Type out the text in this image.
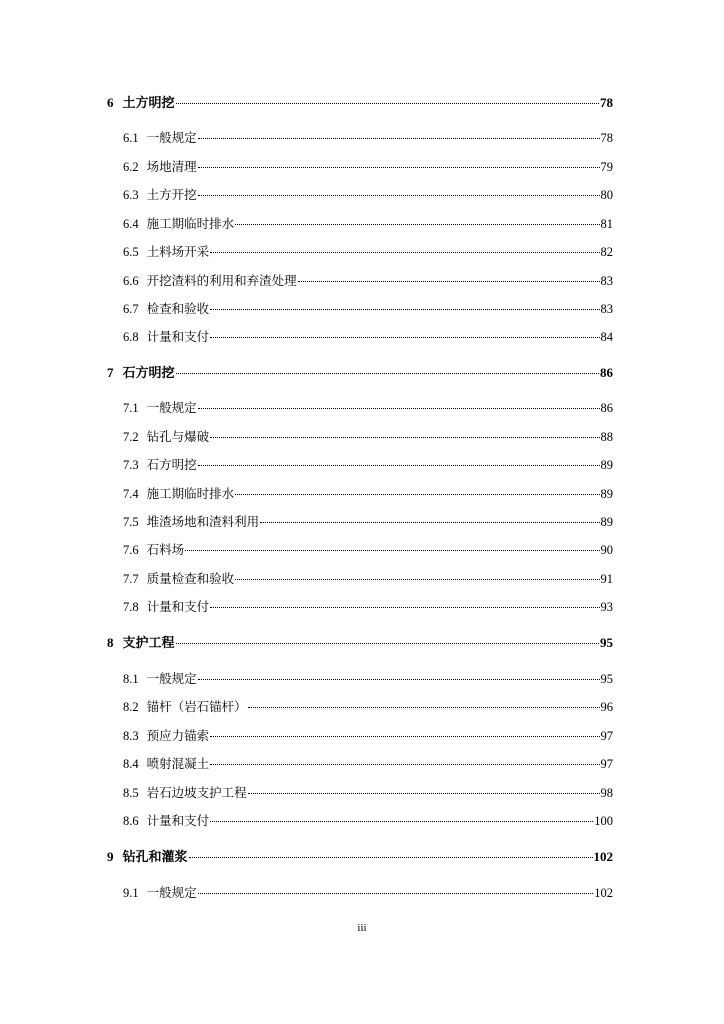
6 土方明挖	78
6.1 一般规定	78
6.2 场地清理	79
6.3 土方开挖	80
6.4 施工期临时排水	81
6.5 土料场开采	82
6.6 开挖渣料的利用和弃渣处理	83
6.7 检查和验收	83
6.8 计量和支付	84
7 石方明挖	86
7.1 一般规定	86
7.2 钻孔与爆破	88
7.3 石方明挖	89
7.4 施工期临时排水	89
7.5 堆渣场地和渣料利用	89
7.6 石料场	90
7.7 质量检查和验收	91
7.8 计量和支付	93
8 支护工程	95
8.1 一般规定	95
8.2 锚杆（岩石锚杆）	96
8.3 预应力锚索	97
8.4 喷射混凝土	97
8.5 岩石边坡支护工程	98
8.6 计量和支付	100
9 钻孔和灌浆	102
9.1 一般规定	102
iii
